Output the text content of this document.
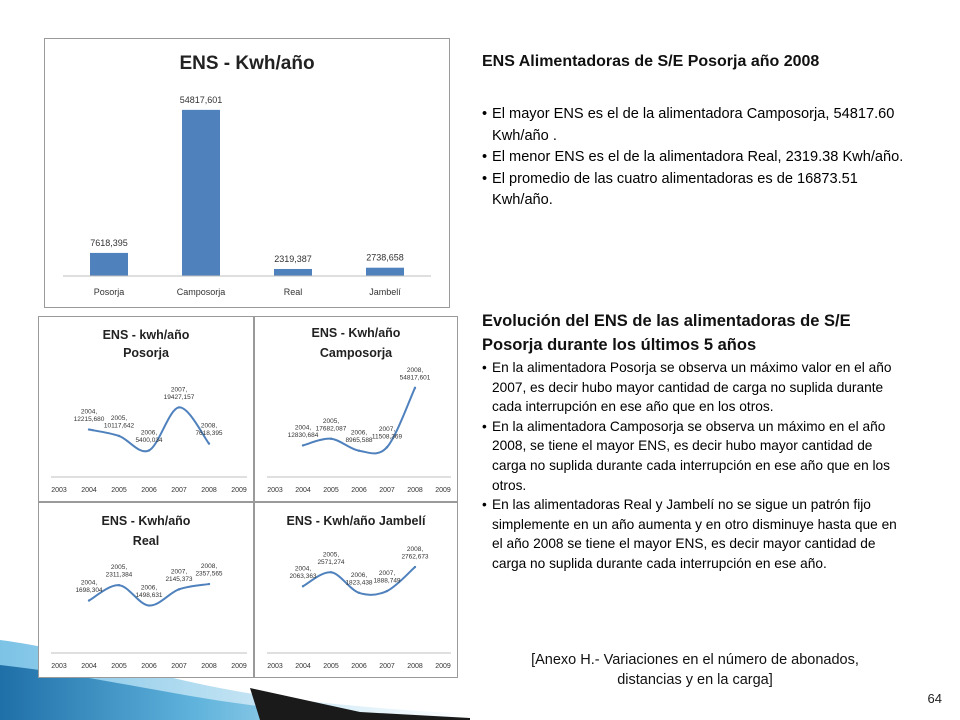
ENS - Kwh/año
7618,395
Posorja
54817,601
Camposorja
2319,387
Real
2738,658
Jambelí
ENS - kwh/año
Posorja
2003 2004 2005 2006 2007 2008 2009
2004, 12215,680 2005, 10117,642
2006, 5400,034
2007, 19427,157
2008, 7618,395
ENS - Kwh/año
Camposorja
2003 2004 2005 2006 2007 2008 2009
2004, 12830,684
2005, 17682,087
2006, 8965,588
2007, 11508,369
2008, 54817,601
ENS - Kwh/año
Real
2003 2004 2005 2006 2007 2008 2009
2004, 1698,304
2005, 2311,384
2006, 1498,631
2007, 2145,373
2008, 2357,565
ENS - Kwh/año Jambelí
2003 2004 2005 2006 2007 2008 2009
2004, 2063,363
2005, 2571,274
2006, 1823,438
2007, 1888,749
2008, 2762,673
ENS Alimentadoras de S/E Posorja año 2008
• El mayor ENS es el de la alimentadora Camposorja, 54817.60 Kwh/año .
• El menor ENS es el de la alimentadora Real, 2319.38 Kwh/año.
• El promedio de las cuatro alimentadoras es de 16873.51 Kwh/año.
Evolución del ENS de las alimentadoras de S/E Posorja durante los últimos 5 años
• En la alimentadora Posorja se observa un máximo valor en el año 2007, es decir hubo mayor cantidad de carga no suplida durante cada interrupción en ese año que en los otros.
• En la alimentadora Camposorja se observa un máximo en el año 2008, se tiene el mayor ENS, es decir hubo mayor cantidad de carga no suplida durante cada interrupción en ese año que en los otros.
• En las alimentadoras Real y Jambelí no se sigue un patrón fijo simplemente en un año aumenta y en otro disminuye hasta que en el año 2008 se tiene el mayor ENS, es decir mayor cantidad de carga no suplida durante cada interrupción en ese año.
[Anexo H.- Variaciones en el número de abonados, distancias y en la carga]
64
